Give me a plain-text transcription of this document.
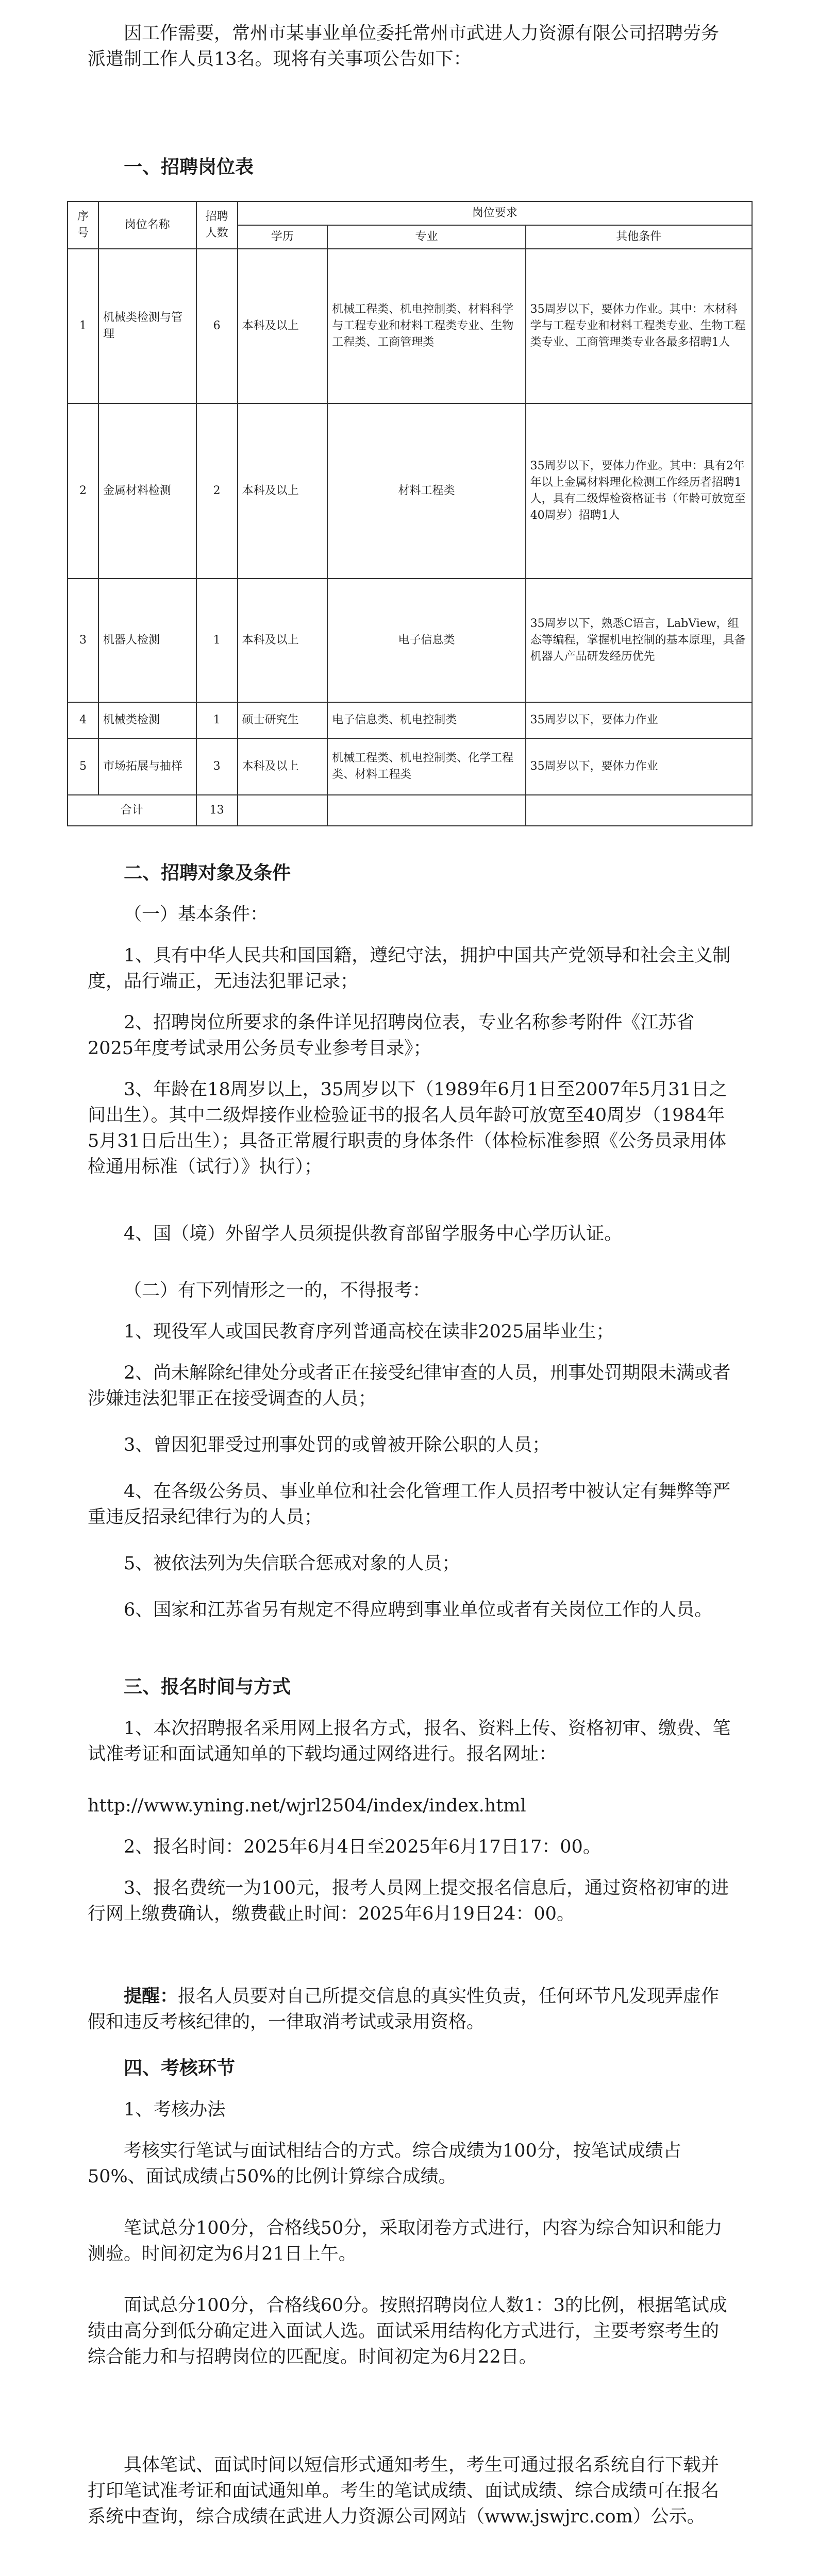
因工作需要，常州市某事业单位委托常州市武进人力资源有限公司招聘劳务派遣制工作人员13名。现将有关事项公告如下：

一、招聘岗位表

序号	岗位名称	招聘人数	岗位要求		
			学历	专业	其他条件
1	机械类检测与管理	6	本科及以上	机械工程类、机电控制类、材料科学与工程专业和材料工程类专业、生物工程类、工商管理类	35周岁以下，要体力作业。其中：木材科学与工程专业和材料工程类专业、生物工程类专业、工商管理类专业各最多招聘1人
2	金属材料检测	2	本科及以上	材料工程类	35周岁以下，要体力作业。其中：具有2年年以上金属材料理化检测工作经历者招聘1人，具有二级焊检资格证书（年龄可放宽至40周岁）招聘1人
3	机器人检测	1	本科及以上	电子信息类	35周岁以下，熟悉C语言，LabView，组态等编程，掌握机电控制的基本原理，具备机器人产品研发经历优先
4	机械类检测	1	硕士研究生	电子信息类、机电控制类	35周岁以下，要体力作业
5	市场拓展与抽样	3	本科及以上	机械工程类、机电控制类、化学工程类、材料工程类	35周岁以下，要体力作业
合计		13			

二、招聘对象及条件

（一）基本条件：

1、具有中华人民共和国国籍，遵纪守法，拥护中国共产党领导和社会主义制度，品行端正，无违法犯罪记录；

2、招聘岗位所要求的条件详见招聘岗位表，专业名称参考附件《江苏省2025年度考试录用公务员专业参考目录》；

3、年龄在18周岁以上，35周岁以下（1989年6月1日至2007年5月31日之间出生）。其中二级焊接作业检验证书的报名人员年龄可放宽至40周岁（1984年5月31日后出生）；具备正常履行职责的身体条件（体检标准参照《公务员录用体检通用标准（试行）》执行）；

4、国（境）外留学人员须提供教育部留学服务中心学历认证。

（二）有下列情形之一的，不得报考：

1、现役军人或国民教育序列普通高校在读非2025届毕业生；

2、尚未解除纪律处分或者正在接受纪律审查的人员，刑事处罚期限未满或者涉嫌违法犯罪正在接受调查的人员；

3、曾因犯罪受过刑事处罚的或曾被开除公职的人员；

4、在各级公务员、事业单位和社会化管理工作人员招考中被认定有舞弊等严重违反招录纪律行为的人员；

5、被依法列为失信联合惩戒对象的人员；

6、国家和江苏省另有规定不得应聘到事业单位或者有关岗位工作的人员。

三、报名时间与方式

1、本次招聘报名采用网上报名方式，报名、资料上传、资格初审、缴费、笔试准考证和面试通知单的下载均通过网络进行。报名网址：

http://www.yning.net/wjrl2504/index/index.html

2、报名时间：2025年6月4日至2025年6月17日17：00。

3、报名费统一为100元，报考人员网上提交报名信息后，通过资格初审的进行网上缴费确认，缴费截止时间：2025年6月19日24：00。

提醒：报名人员要对自己所提交信息的真实性负责，任何环节凡发现弄虚作假和违反考核纪律的，一律取消考试或录用资格。

四、考核环节

1、考核办法

考核实行笔试与面试相结合的方式。综合成绩为100分，按笔试成绩占50%、面试成绩占50%的比例计算综合成绩。

笔试总分100分，合格线50分，采取闭卷方式进行，内容为综合知识和能力测验。时间初定为6月21日上午。

面试总分100分，合格线60分。按照招聘岗位人数1：3的比例，根据笔试成绩由高分到低分确定进入面试人选。面试采用结构化方式进行，主要考察考生的综合能力和与招聘岗位的匹配度。时间初定为6月22日。

具体笔试、面试时间以短信形式通知考生，考生可通过报名系统自行下载并打印笔试准考证和面试通知单。考生的笔试成绩、面试成绩、综合成绩可在报名系统中查询，综合成绩在武进人力资源公司网站（www.jswjrc.com）公示。
